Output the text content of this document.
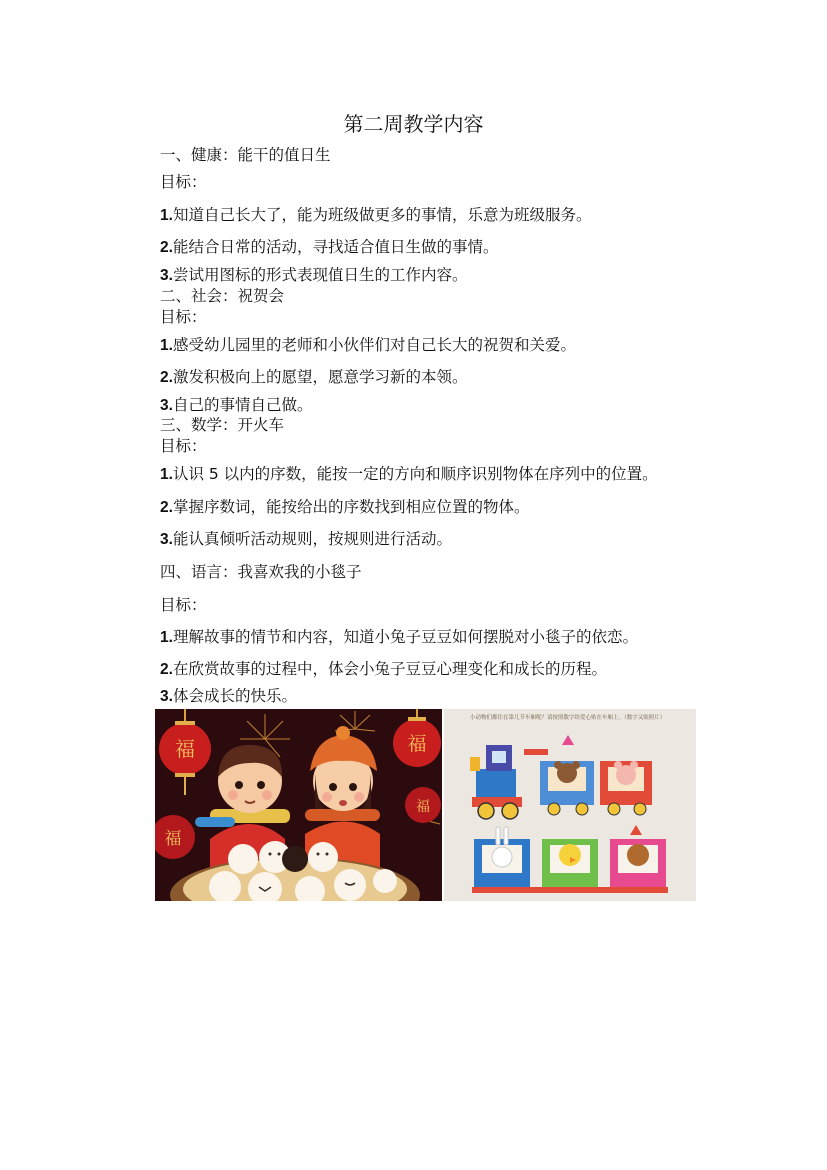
第二周教学内容
一、健康：能干的值日生
目标：
1.知道自己长大了，能为班级做更多的事情，乐意为班级服务。
2.能结合日常的活动，寻找适合值日生做的事情。
3.尝试用图标的形式表现值日生的工作内容。
二、社会：祝贺会
目标：
1.感受幼儿园里的老师和小伙伴们对自己长大的祝贺和关爱。
2.激发积极向上的愿望，愿意学习新的本领。
3.自己的事情自己做。
三、数学：开火车
目标：
1.认识 5 以内的序数，能按一定的方向和顺序识别物体在序列中的位置。
2.掌握序数词，能按给出的序数找到相应位置的物体。
3.能认真倾听活动规则，按规则进行活动。
四、语言：我喜欢我的小毯子
目标：
1.理解故事的情节和内容，知道小兔子豆豆如何摆脱对小毯子的依恋。
2.在欣赏故事的过程中，体会小兔子豆豆心理变化和成长的历程。
3.体会成长的快乐。
福
福
福
福
小动物们都住在第几节车厢呢？请按照数字给爱心贴在车厢上。（数字又贴照片）
